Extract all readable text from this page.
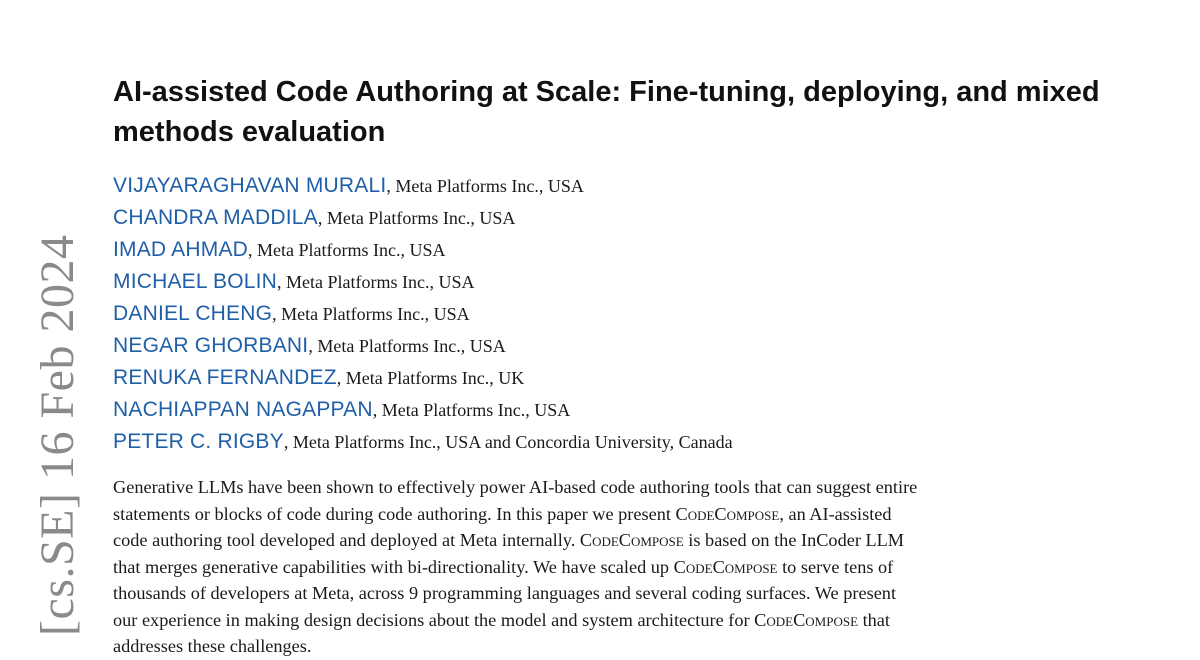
[cs.SE] 16 Feb 2024
AI-assisted Code Authoring at Scale: Fine-tuning, deploying, and mixed methods evaluation
VIJAYARAGHAVAN MURALI, Meta Platforms Inc., USA
CHANDRA MADDILA, Meta Platforms Inc., USA
IMAD AHMAD, Meta Platforms Inc., USA
MICHAEL BOLIN, Meta Platforms Inc., USA
DANIEL CHENG, Meta Platforms Inc., USA
NEGAR GHORBANI, Meta Platforms Inc., USA
RENUKA FERNANDEZ, Meta Platforms Inc., UK
NACHIAPPAN NAGAPPAN, Meta Platforms Inc., USA
PETER C. RIGBY, Meta Platforms Inc., USA and Concordia University, Canada
Generative LLMs have been shown to effectively power AI-based code authoring tools that can suggest entire
statements or blocks of code during code authoring. In this paper we present CodeCompose, an AI-assisted
code authoring tool developed and deployed at Meta internally. CodeCompose is based on the InCoder LLM
that merges generative capabilities with bi-directionality. We have scaled up CodeCompose to serve tens of
thousands of developers at Meta, across 9 programming languages and several coding surfaces. We present
our experience in making design decisions about the model and system architecture for CodeCompose that
addresses these challenges.
